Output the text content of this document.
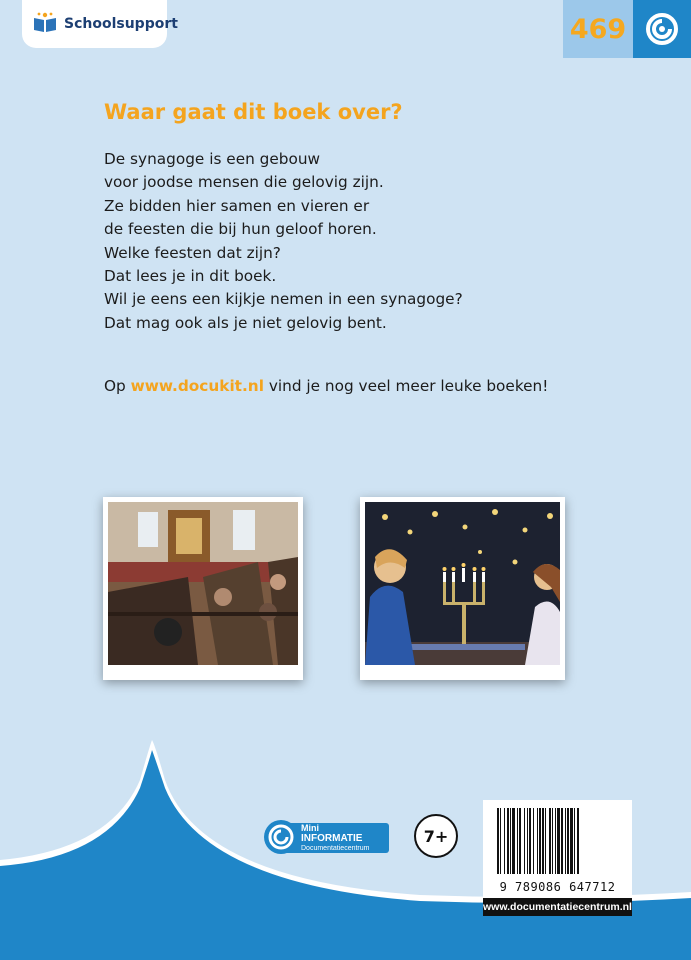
Schoolsupport	469
Waar gaat dit boek over?
De synagoge is een gebouw
voor joodse mensen die gelovig zijn.
Ze bidden hier samen en vieren er
de feesten die bij hun geloof horen.
Welke feesten dat zijn?
Dat lees je in dit boek.
Wil je eens een kijkje nemen in een synagoge?
Dat mag ook als je niet gelovig bent.
Op www.docukit.nl vind je nog veel meer leuke boeken!
Mini
INFORMATIE
Documentatiecentrum
7+
9 789086 647712
www.documentatiecentrum.nl
